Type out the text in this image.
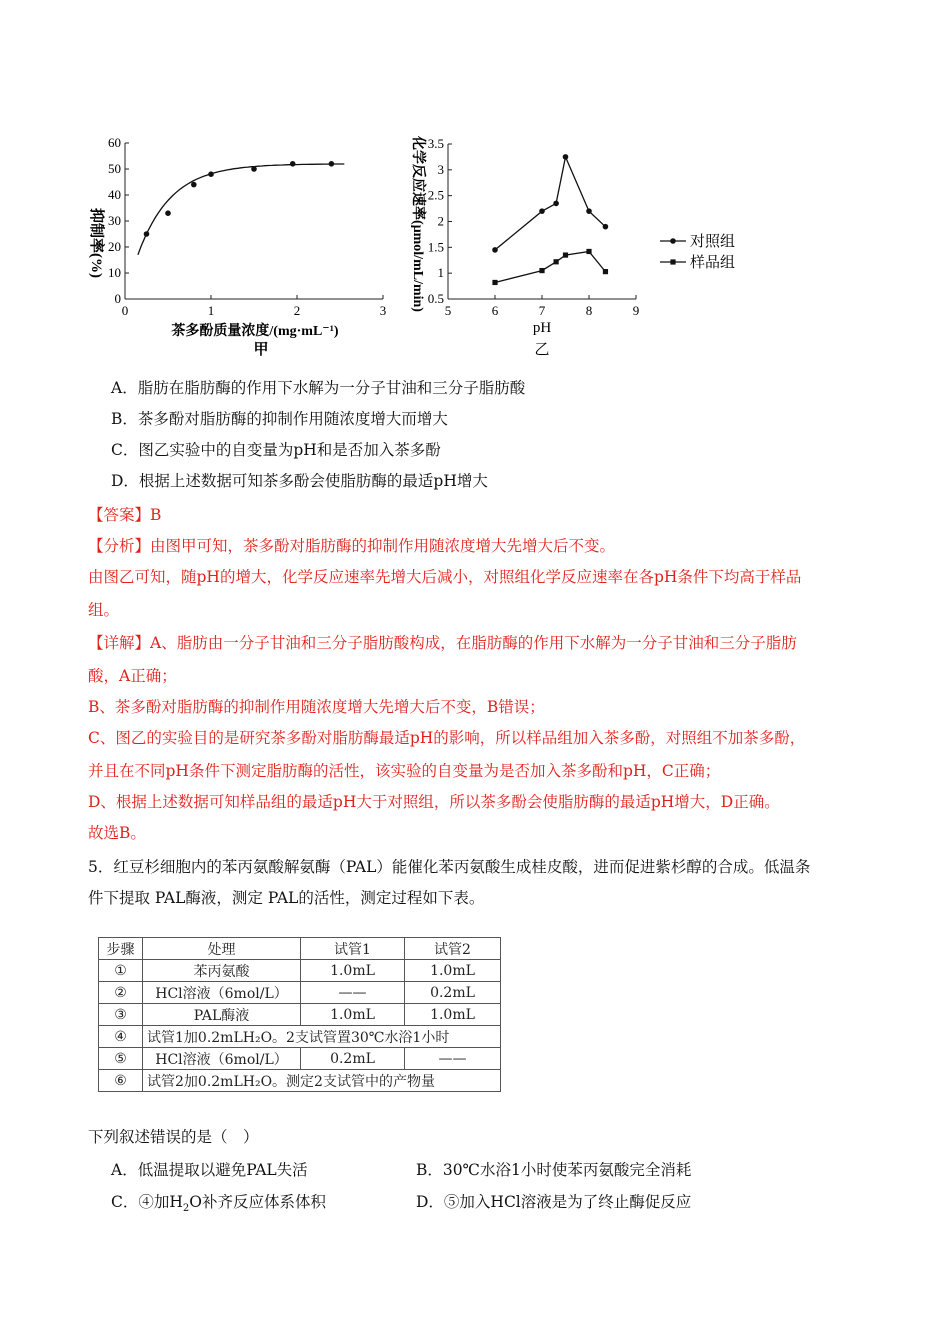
0
10
20
30
40
50
60
0	1	2	3
抑制率(%)
茶多酚质量浓度/(mg·mL⁻¹)
甲
0.5
1
1.5
2
2.5
3
3.5
5	6	7	8	9
化学反应速率(μmol/mL/min)
pH
乙
对照组
样品组
A．脂肪在脂肪酶的作用下水解为一分子甘油和三分子脂肪酸
B．茶多酚对脂肪酶的抑制作用随浓度增大而增大
C．图乙实验中的自变量为pH和是否加入茶多酚
D．根据上述数据可知茶多酚会使脂肪酶的最适pH增大
【答案】B
【分析】由图甲可知，茶多酚对脂肪酶的抑制作用随浓度增大先增大后不变。
由图乙可知，随pH的增大，化学反应速率先增大后减小，对照组化学反应速率在各pH条件下均高于样品
组。
【详解】A、脂肪由一分子甘油和三分子脂肪酸构成，在脂肪酶的作用下水解为一分子甘油和三分子脂肪
酸，A正确；
B、茶多酚对脂肪酶的抑制作用随浓度增大先增大后不变，B错误；
C、图乙的实验目的是研究茶多酚对脂肪酶最适pH的影响，所以样品组加入茶多酚，对照组不加茶多酚，
并且在不同pH条件下测定脂肪酶的活性，该实验的自变量为是否加入茶多酚和pH，C正确；
D、根据上述数据可知样品组的最适pH大于对照组，所以茶多酚会使脂肪酶的最适pH增大，D正确。
故选B。
5．红豆杉细胞内的苯丙氨酸解氨酶（PAL）能催化苯丙氨酸生成桂皮酸，进而促进紫杉醇的合成。低温条
件下提取 PAL酶液，测定 PAL的活性，测定过程如下表。
步骤	处理	试管1	试管2
①	苯丙氨酸	1.0mL	1.0mL
②	HCl溶液（6mol/L）	——	0.2mL
③	PAL酶液	1.0mL	1.0mL
④	试管1加0.2mLH₂O。2支试管置30℃水浴1小时		
⑤	HCl溶液（6mol/L）	0.2mL	——
⑥	试管2加0.2mLH₂O。测定2支试管中的产物量		
下列叙述错误的是（　）
A．低温提取以避免PAL失活	B．30℃水浴1小时使苯丙氨酸完全消耗
C．④加$H_2O$补齐反应体系体积	D．⑤加入HCl溶液是为了终止酶促反应
